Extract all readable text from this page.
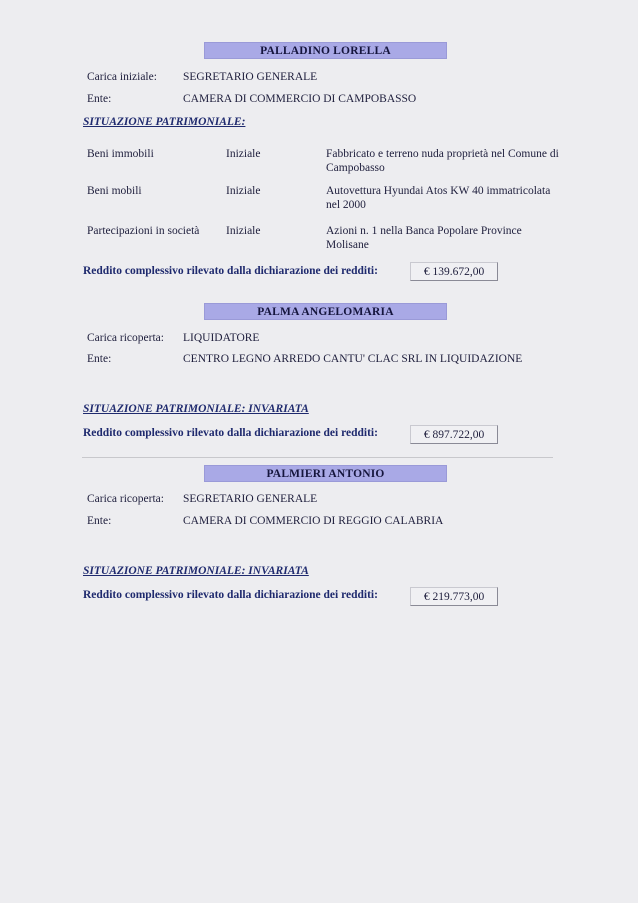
PALLADINO LORELLA
Carica iniziale: SEGRETARIO GENERALE
Ente:	CAMERA DI COMMERCIO DI CAMPOBASSO
SITUAZIONE PATRIMONIALE:
Beni immobili	Iniziale	Fabbricato e terreno nuda proprietà nel Comune di Campobasso
Beni mobili	Iniziale	Autovettura Hyundai Atos KW 40 immatricolata nel 2000
Partecipazioni in società Iniziale	Azioni n. 1 nella Banca Popolare Province Molisane
Reddito complessivo rilevato dalla dichiarazione dei redditi:	€ 139.672,00
PALMA ANGELOMARIA
Carica ricoperta: LIQUIDATORE
Ente:	CENTRO LEGNO ARREDO CANTU' CLAC SRL IN LIQUIDAZIONE
SITUAZIONE PATRIMONIALE: INVARIATA
Reddito complessivo rilevato dalla dichiarazione dei redditi:	€ 897.722,00
PALMIERI ANTONIO
Carica ricoperta: SEGRETARIO GENERALE
Ente:	CAMERA DI COMMERCIO DI REGGIO CALABRIA
SITUAZIONE PATRIMONIALE: INVARIATA
Reddito complessivo rilevato dalla dichiarazione dei redditi:	€ 219.773,00
